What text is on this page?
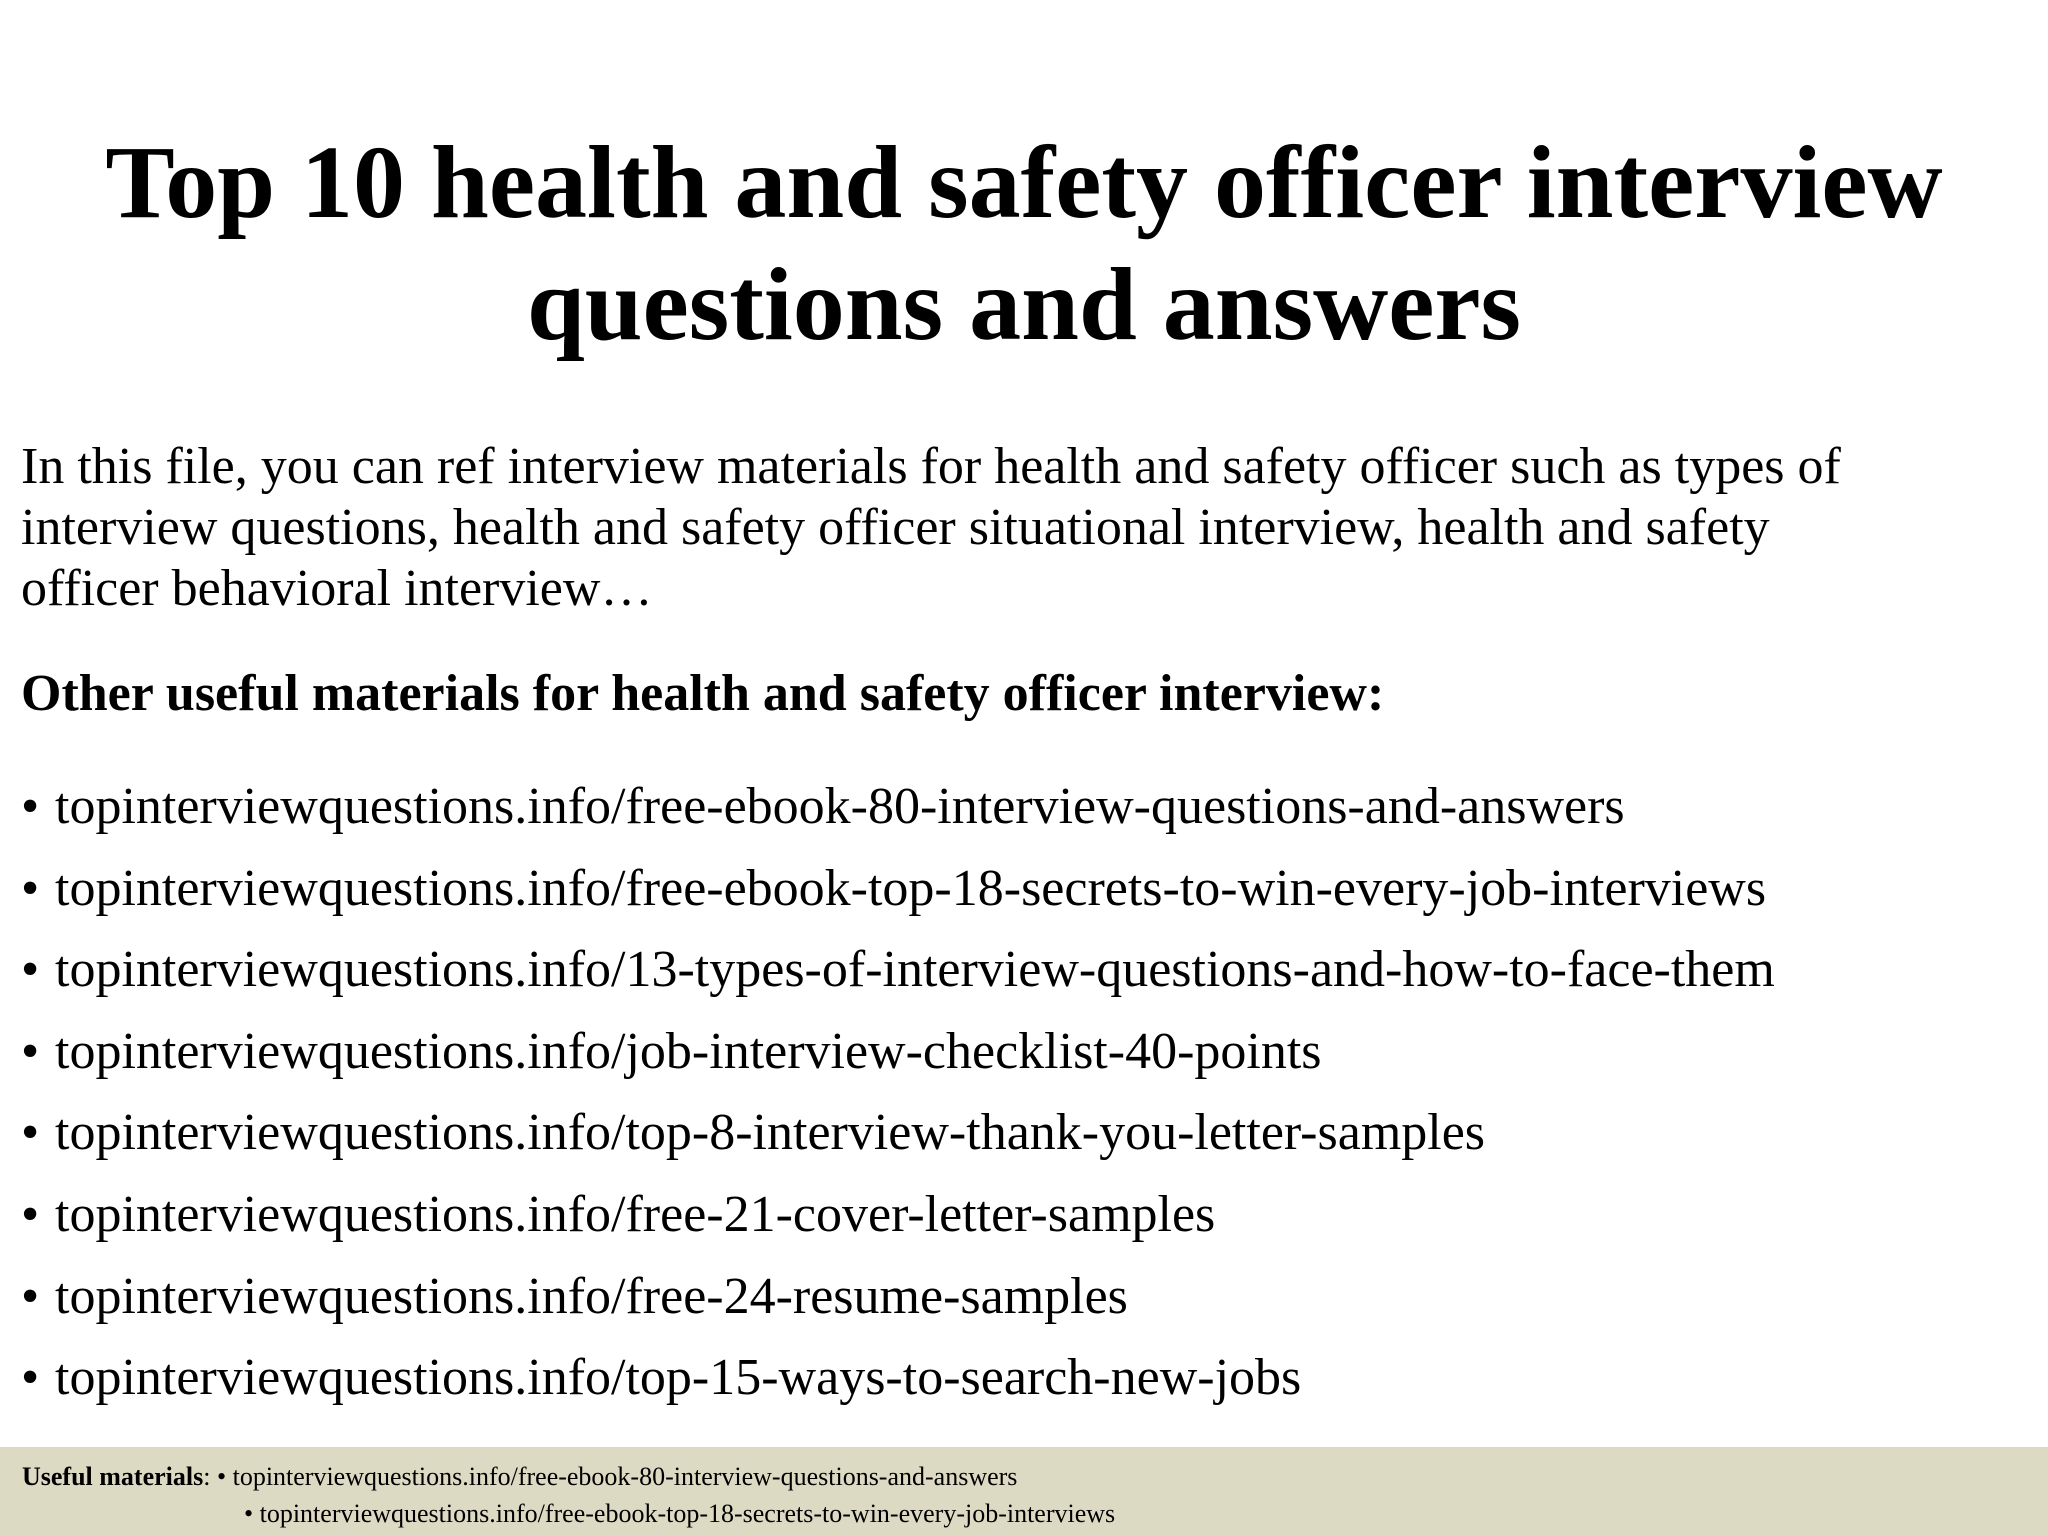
Top 10 health and safety officer interview
questions and answers

In this file, you can ref interview materials for health and safety officer such as types of
interview questions, health and safety officer situational interview, health and safety
officer behavioral interview…

Other useful materials for health and safety officer interview:

• topinterviewquestions.info/free-ebook-80-interview-questions-and-answers
• topinterviewquestions.info/free-ebook-top-18-secrets-to-win-every-job-interviews
• topinterviewquestions.info/13-types-of-interview-questions-and-how-to-face-them
• topinterviewquestions.info/job-interview-checklist-40-points
• topinterviewquestions.info/top-8-interview-thank-you-letter-samples
• topinterviewquestions.info/free-21-cover-letter-samples
• topinterviewquestions.info/free-24-resume-samples
• topinterviewquestions.info/top-15-ways-to-search-new-jobs
Useful materials: • topinterviewquestions.info/free-ebook-80-interview-questions-and-answers
• topinterviewquestions.info/free-ebook-top-18-secrets-to-win-every-job-interviews
